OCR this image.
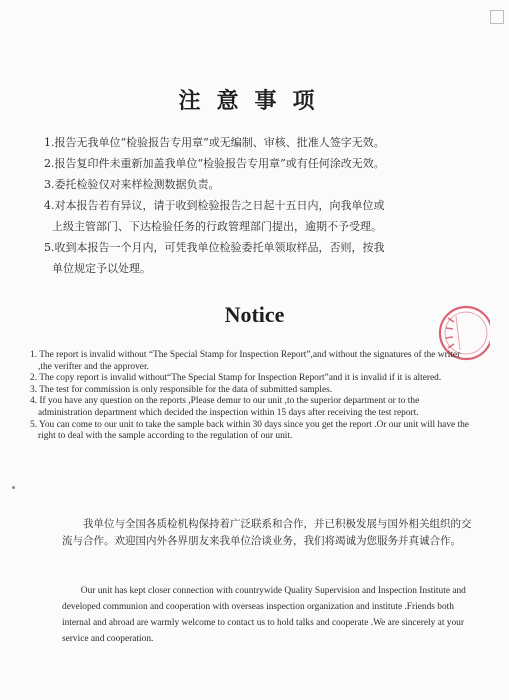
注意事项
1.报告无我单位“检验报告专用章”或无编制、审核、批准人签字无效。
2.报告复印件未重新加盖我单位“检验报告专用章”或有任何涂改无效。
3.委托检验仅对来样检测数据负责。
4.对本报告若有异议，请于收到检验报告之日起十五日内，向我单位或
上级主管部门、下达检验任务的行政管理部门提出，逾期不予受理。
5.收到本报告一个月内，可凭我单位检验委托单领取样品，否则，按我
单位规定予以处理。
Notice
1. The report is invalid without “The Special Stamp for Inspection Report”,and without the signatures of the writer ,the verifter and the approver.
2. The copy report is invalid without“The Special Stamp for Inspection Report”and it is invalid if it is altered.
3. The test for commission is only responsible for the data of submitted samples.
4. If you have any question on the reports ,Please demur to our unit ,to the superior department or to the administration department which decided the inspection within 15 days after receiving the test report.
5. You can come to our unit to take the sample back within 30 days since you get the report .Or our unit will have the right to deal with the sample according to the regulation of our unit.

我单位与全国各质检机构保持着广泛联系和合作，并已积极发展与国外相关组织的交流与合作。欢迎国内外各界朋友来我单位洽谈业务，我们将竭诚为您服务并真诚合作。

Our unit has kept closer connection with countrywide Quality Supervision and Inspection Institute and developed communion and cooperation with overseas inspection organization and institute .Friends both internal and abroad are warmly welcome to contact us to hold talks and cooperate .We are sincerely at your service and cooperation.
